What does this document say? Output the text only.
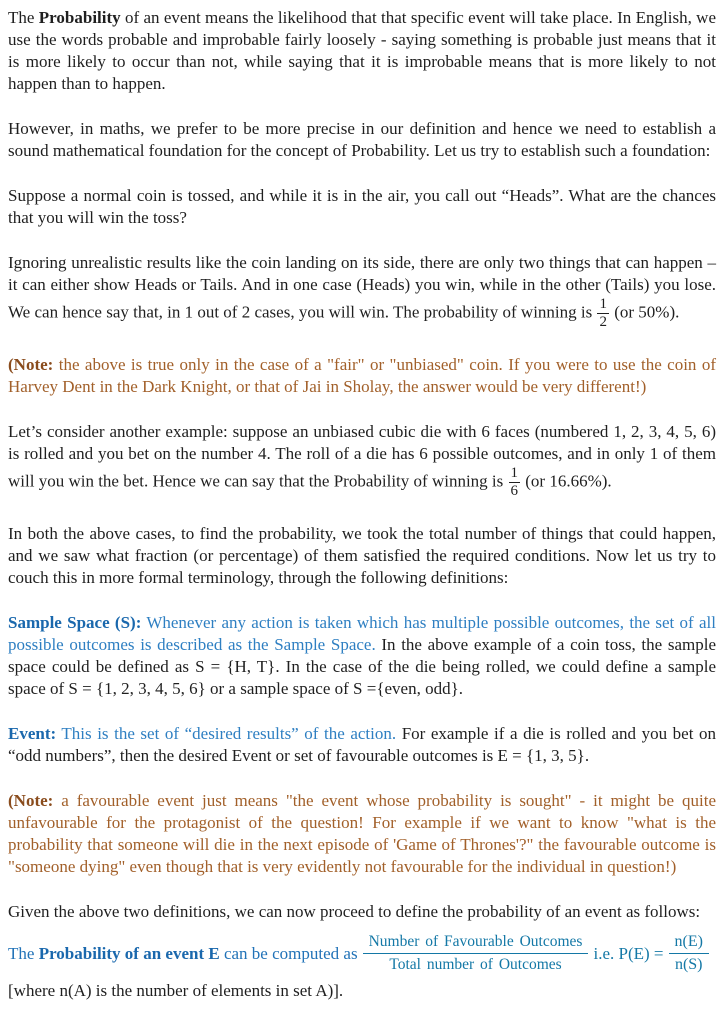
The Probability of an event means the likelihood that that specific event will take place. In English, we use the words probable and improbable fairly loosely - saying something is probable just means that it is more likely to occur than not, while saying that it is improbable means that is more likely to not happen than to happen.

However, in maths, we prefer to be more precise in our definition and hence we need to establish a sound mathematical foundation for the concept of Probability. Let us try to establish such a foundation:

Suppose a normal coin is tossed, and while it is in the air, you call out “Heads”. What are the chances that you will win the toss?

Ignoring unrealistic results like the coin landing on its side, there are only two things that can happen – it can either show Heads or Tails. And in one case (Heads) you win, while in the other (Tails) you lose. We can hence say that, in 1 out of 2 cases, you will win. The probability of winning is $\frac{1}{2} (or$ 50%).

(Note: the above is true only in the case of a "fair" or "unbiased" coin. If you were to use the coin of Harvey Dent in the Dark Knight, or that of Jai in Sholay, the answer would be very different!)

Let’s consider another example: suppose an unbiased cubic die with 6 faces (numbered 1, 2, 3, 4, 5, 6) is rolled and you bet on the number 4. The roll of a die has 6 possible outcomes, and in only 1 of them will you win the bet. Hence we can say that the Probability of winning is $\frac{1}{6} (or$ 16.66%).

In both the above cases, to find the probability, we took the total number of things that could happen, and we saw what fraction (or percentage) of them satisfied the required conditions. Now let us try to couch this in more formal terminology, through the following definitions:

Sample Space (S): Whenever any action is taken which has multiple possible outcomes, the set of all possible outcomes is described as the Sample Space. In the above example of a coin toss, the sample space could be defined as S = {H, T}. In the case of the die being rolled, we could define a sample space of S = {1, 2, 3, 4, 5, 6} or a sample space of S ={even, odd}.

Event: This is the set of “desired results” of the action. For example if a die is rolled and you bet on “odd numbers”, then the desired Event or set of favourable outcomes is E = {1, 3, 5}.

(Note: a favourable event just means "the event whose probability is sought" - it might be quite unfavourable for the protagonist of the question! For example if we want to know "what is the probability that someone will die in the next episode of 'Game of Thrones'?" the favourable outcome is "someone dying" even though that is very evidently not favourable for the individual in question!)

Given the above two definitions, we can now proceed to define the probability of an event as follows:

The Probability of an event E can be computed as
Number of Favourable Outcomes
Total number of Outcomes
i.e. $P(E) = \frac{n(E)}{n(S)}$

[where n(A) is the number of elements in set A)].
